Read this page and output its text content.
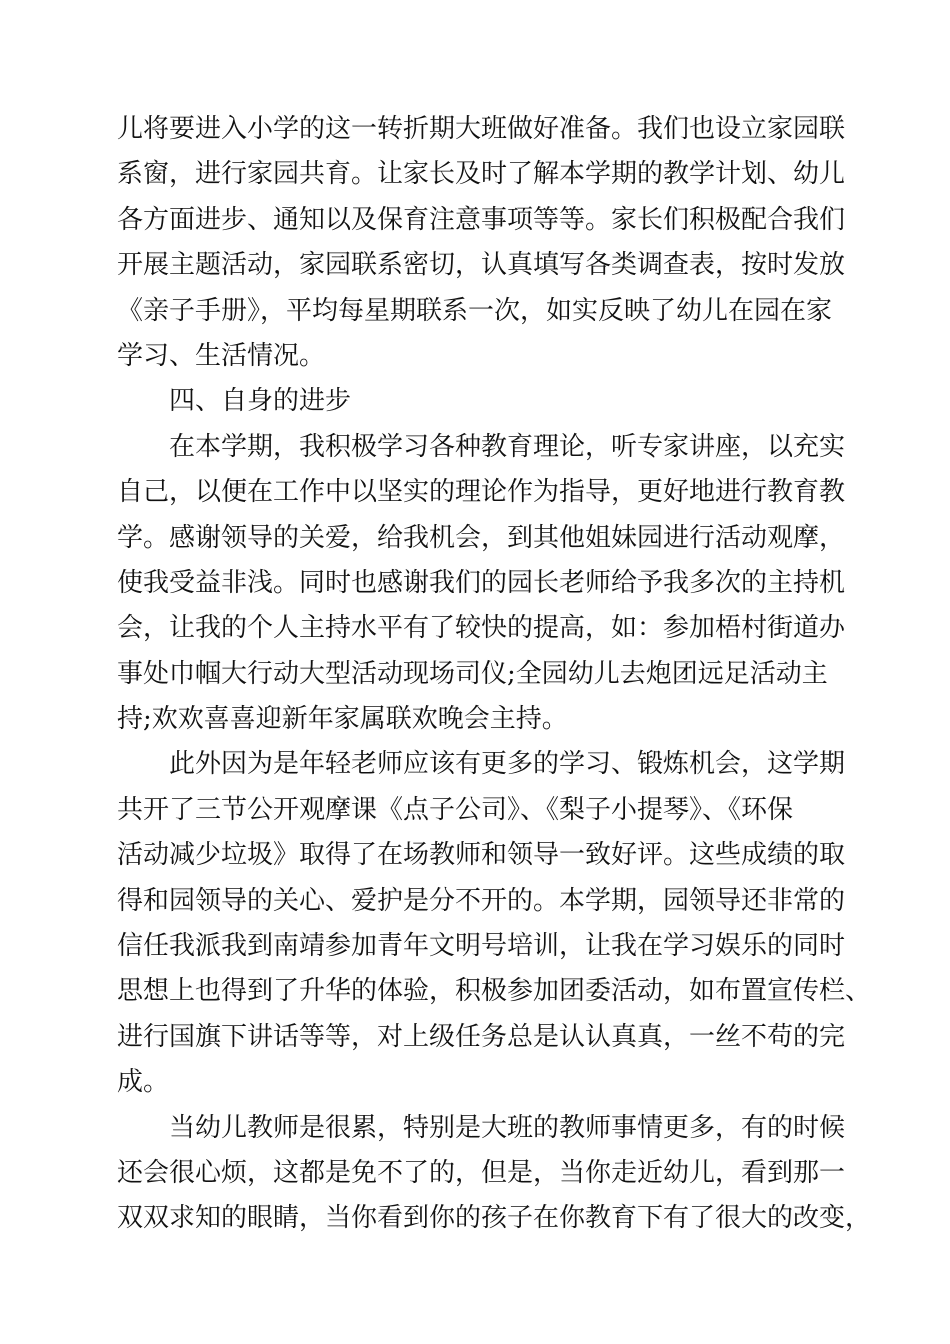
儿将要进入小学的这一转折期大班做好准备。我们也设立家园联
系窗，进行家园共育。让家长及时了解本学期的教学计划、幼儿
各方面进步、通知以及保育注意事项等等。家长们积极配合我们
开展主题活动，家园联系密切，认真填写各类调查表，按时发放
《亲子手册》，平均每星期联系一次，如实反映了幼儿在园在家
学习、生活情况。
四、自身的进步
在本学期，我积极学习各种教育理论，听专家讲座，以充实
自己，以便在工作中以坚实的理论作为指导，更好地进行教育教
学。感谢领导的关爱，给我机会，到其他姐妹园进行活动观摩，
使我受益非浅。同时也感谢我们的园长老师给予我多次的主持机
会，让我的个人主持水平有了较快的提高，如：参加梧村街道办
事处巾帼大行动大型活动现场司仪;全园幼儿去炮团远足活动主
持;欢欢喜喜迎新年家属联欢晚会主持。
此外因为是年轻老师应该有更多的学习、锻炼机会，这学期
共开了三节公开观摩课《点子公司》、《梨子小提琴》、《环保
活动减少垃圾》取得了在场教师和领导一致好评。这些成绩的取
得和园领导的关心、爱护是分不开的。本学期，园领导还非常的
信任我派我到南靖参加青年文明号培训，让我在学习娱乐的同时
思想上也得到了升华的体验，积极参加团委活动，如布置宣传栏、
进行国旗下讲话等等，对上级任务总是认认真真，一丝不苟的完
成。
当幼儿教师是很累，特别是大班的教师事情更多，有的时候
还会很心烦，这都是免不了的，但是，当你走近幼儿，看到那一
双双求知的眼睛，当你看到你的孩子在你教育下有了很大的改变，
